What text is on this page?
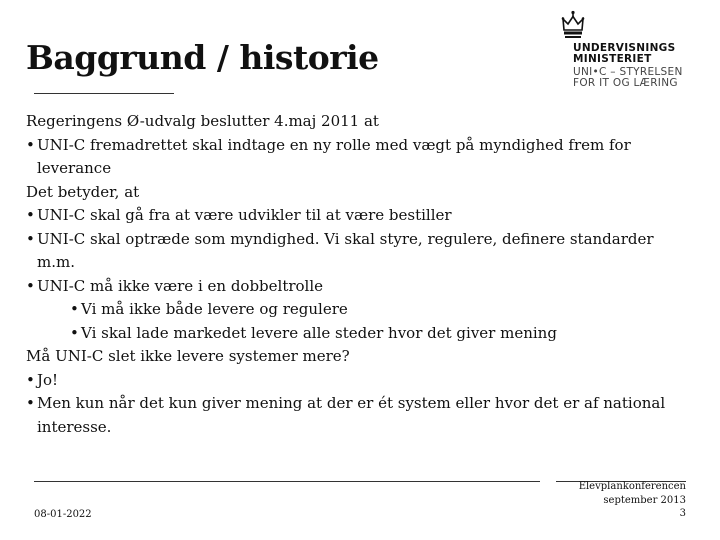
Baggrund / historie	UNDERVISNINGS
MINISTERIET
UNI•C – STYRELSEN
FOR IT OG LÆRING
Regeringens Ø-udvalg beslutter 4.maj 2011 at
• UNI-C fremadrettet skal indtage en ny rolle med vægt på myndighed frem for
leverance
Det betyder, at
• UNI-C skal gå fra at være udvikler til at være bestiller
• UNI-C skal optræde som myndighed. Vi skal styre, regulere, definere standarder
m.m.
• UNI-C må ikke være i en dobbeltrolle
• Vi må ikke både levere og regulere
• Vi skal lade markedet levere alle steder hvor det giver mening
Må UNI-C slet ikke levere systemer mere?
• Jo!
• Men kun når det kun giver mening at der er ét system eller hvor det er af national
interesse.
08-01-2022
Elevplankonferencen
september 2013
3
